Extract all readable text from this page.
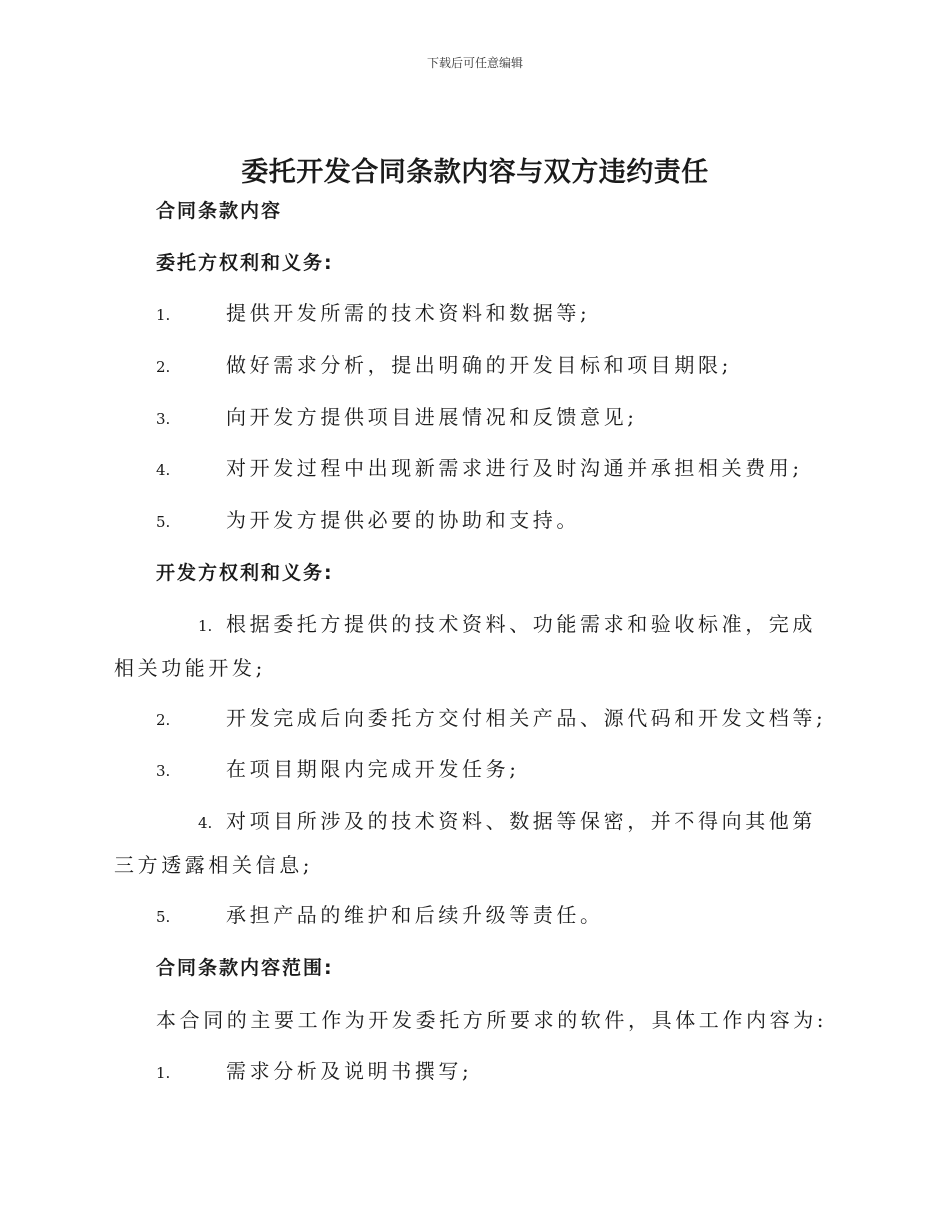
下载后可任意编辑
委托开发合同条款内容与双方违约责任
合同条款内容
委托方权利和义务:
1.	提供开发所需的技术资料和数据等;
2.	做好需求分析，提出明确的开发目标和项目期限;
3.	向开发方提供项目进展情况和反馈意见;
4.	对开发过程中出现新需求进行及时沟通并承担相关费用;
5.	为开发方提供必要的协助和支持。
开发方权利和义务:
1. 根据委托方提供的技术资料、功能需求和验收标准，完成相关功能开发;
2.	开发完成后向委托方交付相关产品、源代码和开发文档等;
3.	在项目期限内完成开发任务;
4. 对项目所涉及的技术资料、数据等保密，并不得向其他第三方透露相关信息;
5.	承担产品的维护和后续升级等责任。
合同条款内容范围:
本合同的主要工作为开发委托方所要求的软件，具体工作内容为:
1.	需求分析及说明书撰写;
